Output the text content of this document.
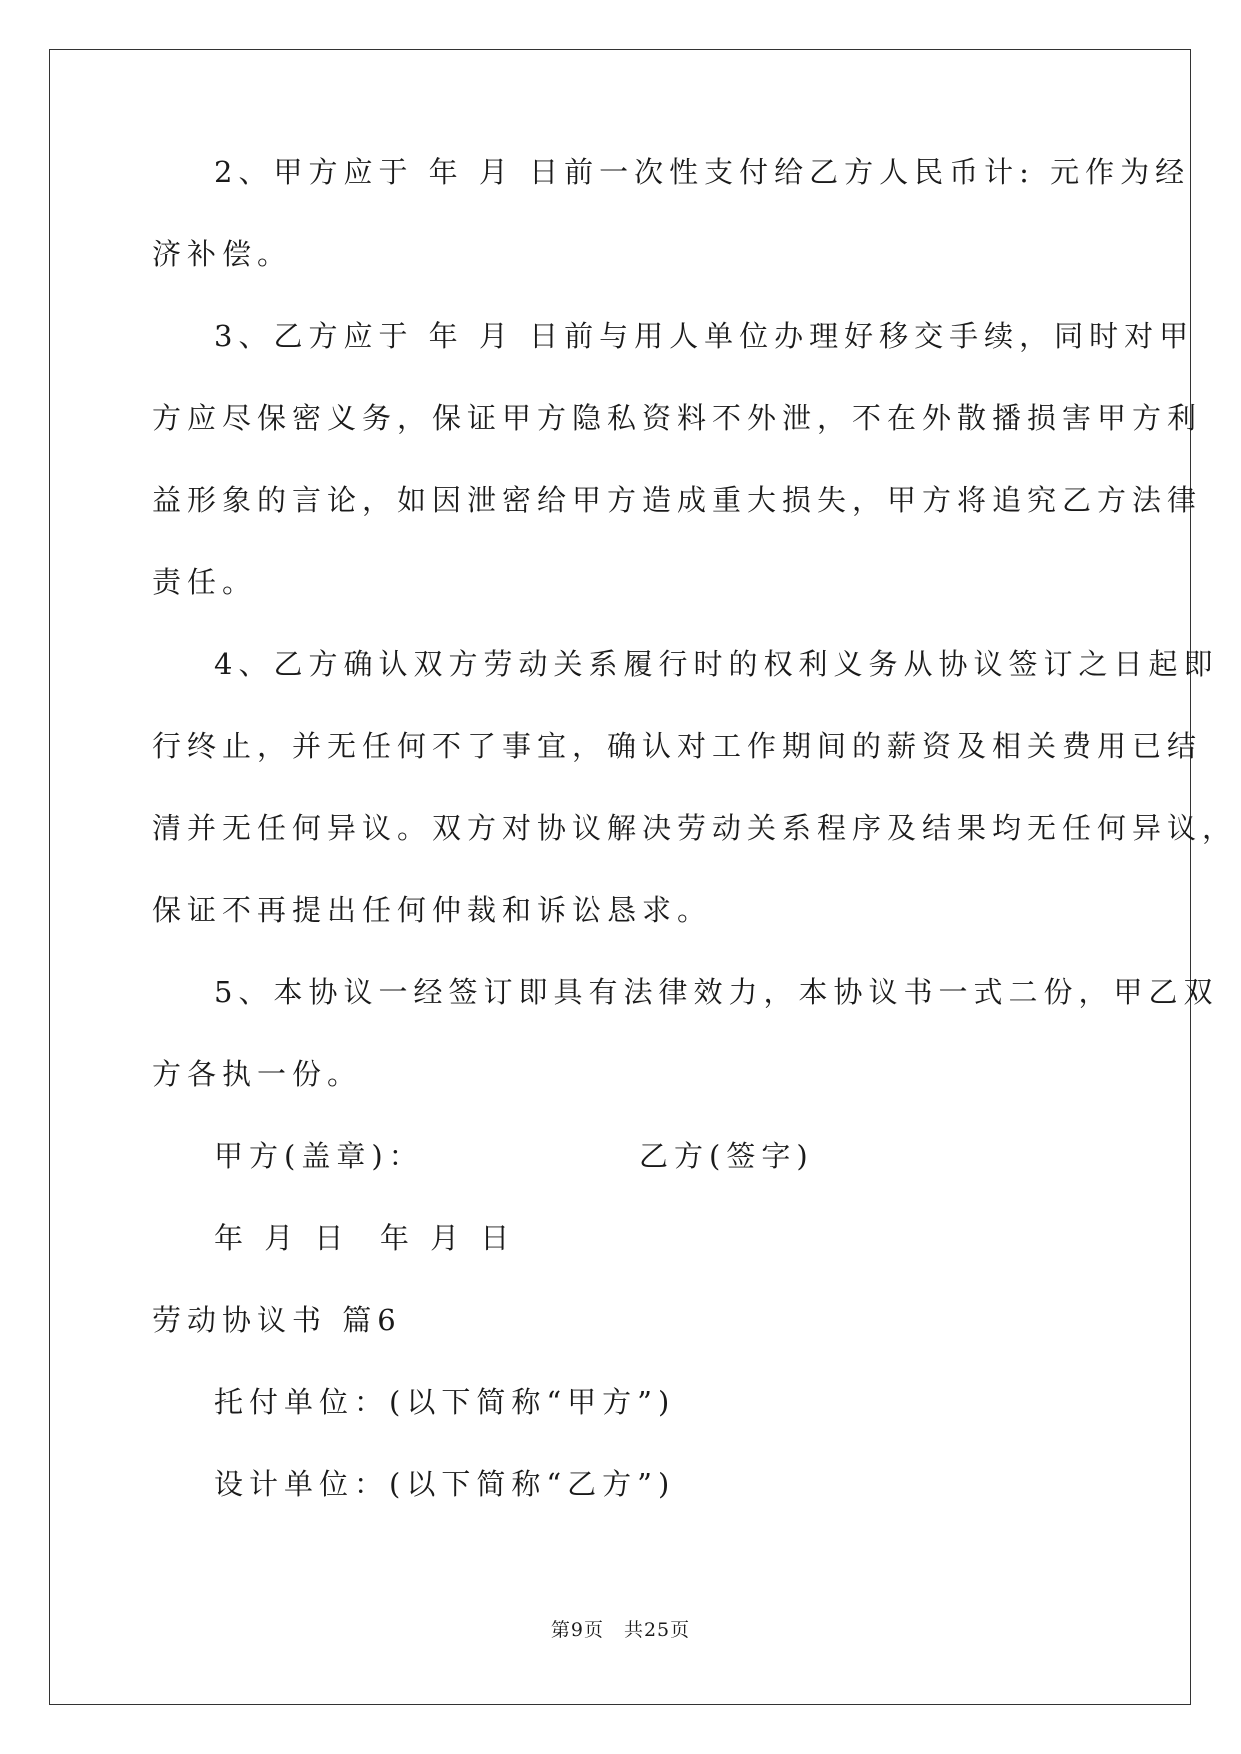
2、甲方应于 年 月 日前一次性支付给乙方人民币计: 元作为经
济补偿。
3、乙方应于 年 月 日前与用人单位办理好移交手续，同时对甲
方应尽保密义务，保证甲方隐私资料不外泄，不在外散播损害甲方利
益形象的言论，如因泄密给甲方造成重大损失，甲方将追究乙方法律
责任。
4、乙方确认双方劳动关系履行时的权利义务从协议签订之日起即
行终止，并无任何不了事宜，确认对工作期间的薪资及相关费用已结
清并无任何异议。双方对协议解决劳动关系程序及结果均无任何异议，
保证不再提出任何仲裁和诉讼恳求。
5、本协议一经签订即具有法律效力，本协议书一式二份，甲乙双
方各执一份。
甲方(盖章)：	乙方(签字)
年 月 日  年 月 日
劳动协议书 篇6
托付单位：(以下简称“甲方”)
设计单位：(以下简称“乙方”)
第9页　共25页
